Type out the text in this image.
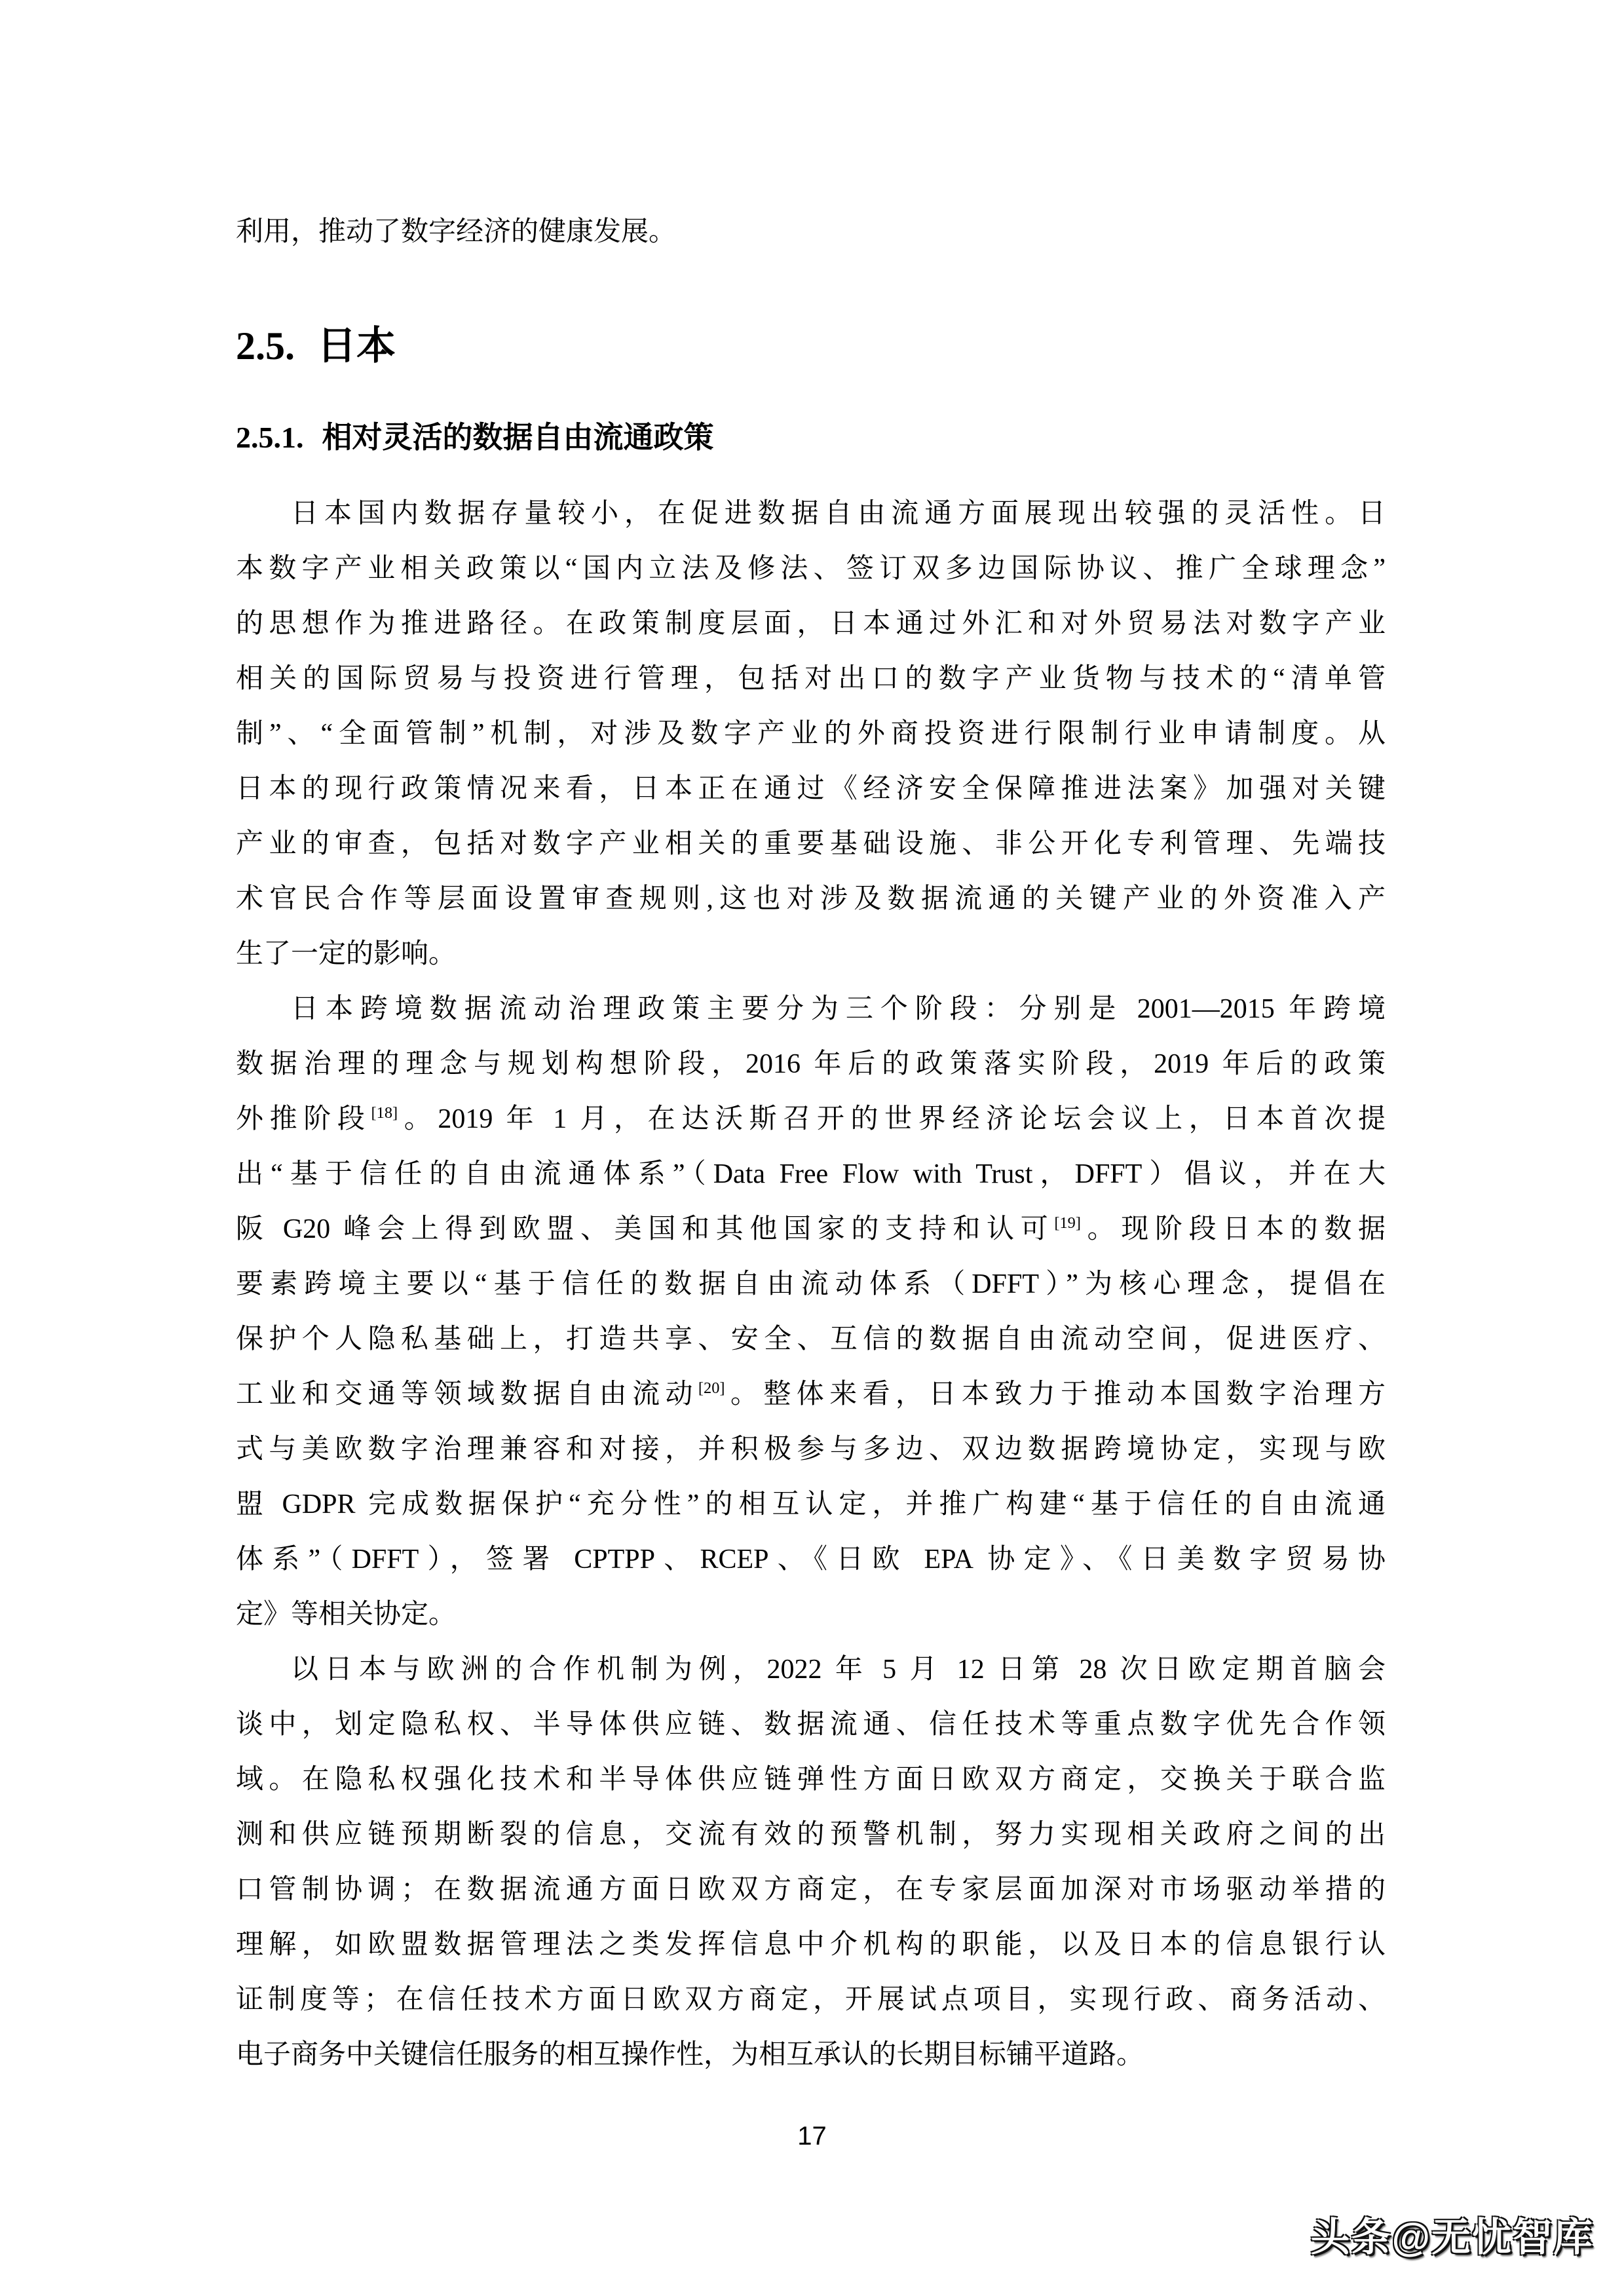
利用，推动了数字经济的健康发展。
2.5. 日本
2.5.1. 相对灵活的数据自由流通政策
日本国内数据存量较小，在促进数据自由流通方面展现出较强的灵活性。日
本数字产业相关政策以“国内立法及修法、签订双多边国际协议、推广全球理念”
的思想作为推进路径。在政策制度层面，日本通过外汇和对外贸易法对数字产业
相关的国际贸易与投资进行管理，包括对出口的数字产业货物与技术的“清单管
制”、“全面管制”机制，对涉及数字产业的外商投资进行限制行业申请制度。从
日本的现行政策情况来看，日本正在通过《经济安全保障推进法案》加强对关键
产业的审查，包括对数字产业相关的重要基础设施、非公开化专利管理、先端技
术官民合作等层面设置审查规则,这也对涉及数据流通的关键产业的外资准入产
生了一定的影响。
日本跨境数据流动治理政策主要分为三个阶段：分别是 2001—2015 年跨境
数据治理的理念与规划构想阶段，2016 年后的政策落实阶段，2019 年后的政策
外推阶段[18]。2019 年 1 月，在达沃斯召开的世界经济论坛会议上，日本首次提
出“基于信任的自由流通体系”（Data Free Flow with Trust，DFFT）倡议，并在大
阪 G20 峰会上得到欧盟、美国和其他国家的支持和认可[19]。现阶段日本的数据
要素跨境主要以“基于信任的数据自由流动体系（DFFT）”为核心理念，提倡在
保护个人隐私基础上，打造共享、安全、互信的数据自由流动空间，促进医疗、
工业和交通等领域数据自由流动[20]。整体来看，日本致力于推动本国数字治理方
式与美欧数字治理兼容和对接，并积极参与多边、双边数据跨境协定，实现与欧
盟 GDPR 完成数据保护“充分性”的相互认定，并推广构建“基于信任的自由流通
体系”（DFFT），签署 CPTPP、RCEP、《日欧 EPA 协定》、《日美数字贸易协
定》等相关协定。
以日本与欧洲的合作机制为例，2022 年 5 月 12 日第 28 次日欧定期首脑会
谈中，划定隐私权、半导体供应链、数据流通、信任技术等重点数字优先合作领
域。在隐私权强化技术和半导体供应链弹性方面日欧双方商定，交换关于联合监
测和供应链预期断裂的信息，交流有效的预警机制，努力实现相关政府之间的出
口管制协调；在数据流通方面日欧双方商定，在专家层面加深对市场驱动举措的
理解，如欧盟数据管理法之类发挥信息中介机构的职能，以及日本的信息银行认
证制度等；在信任技术方面日欧双方商定，开展试点项目，实现行政、商务活动、
电子商务中关键信任服务的相互操作性，为相互承认的长期目标铺平道路。
17
头条@无忧智库
